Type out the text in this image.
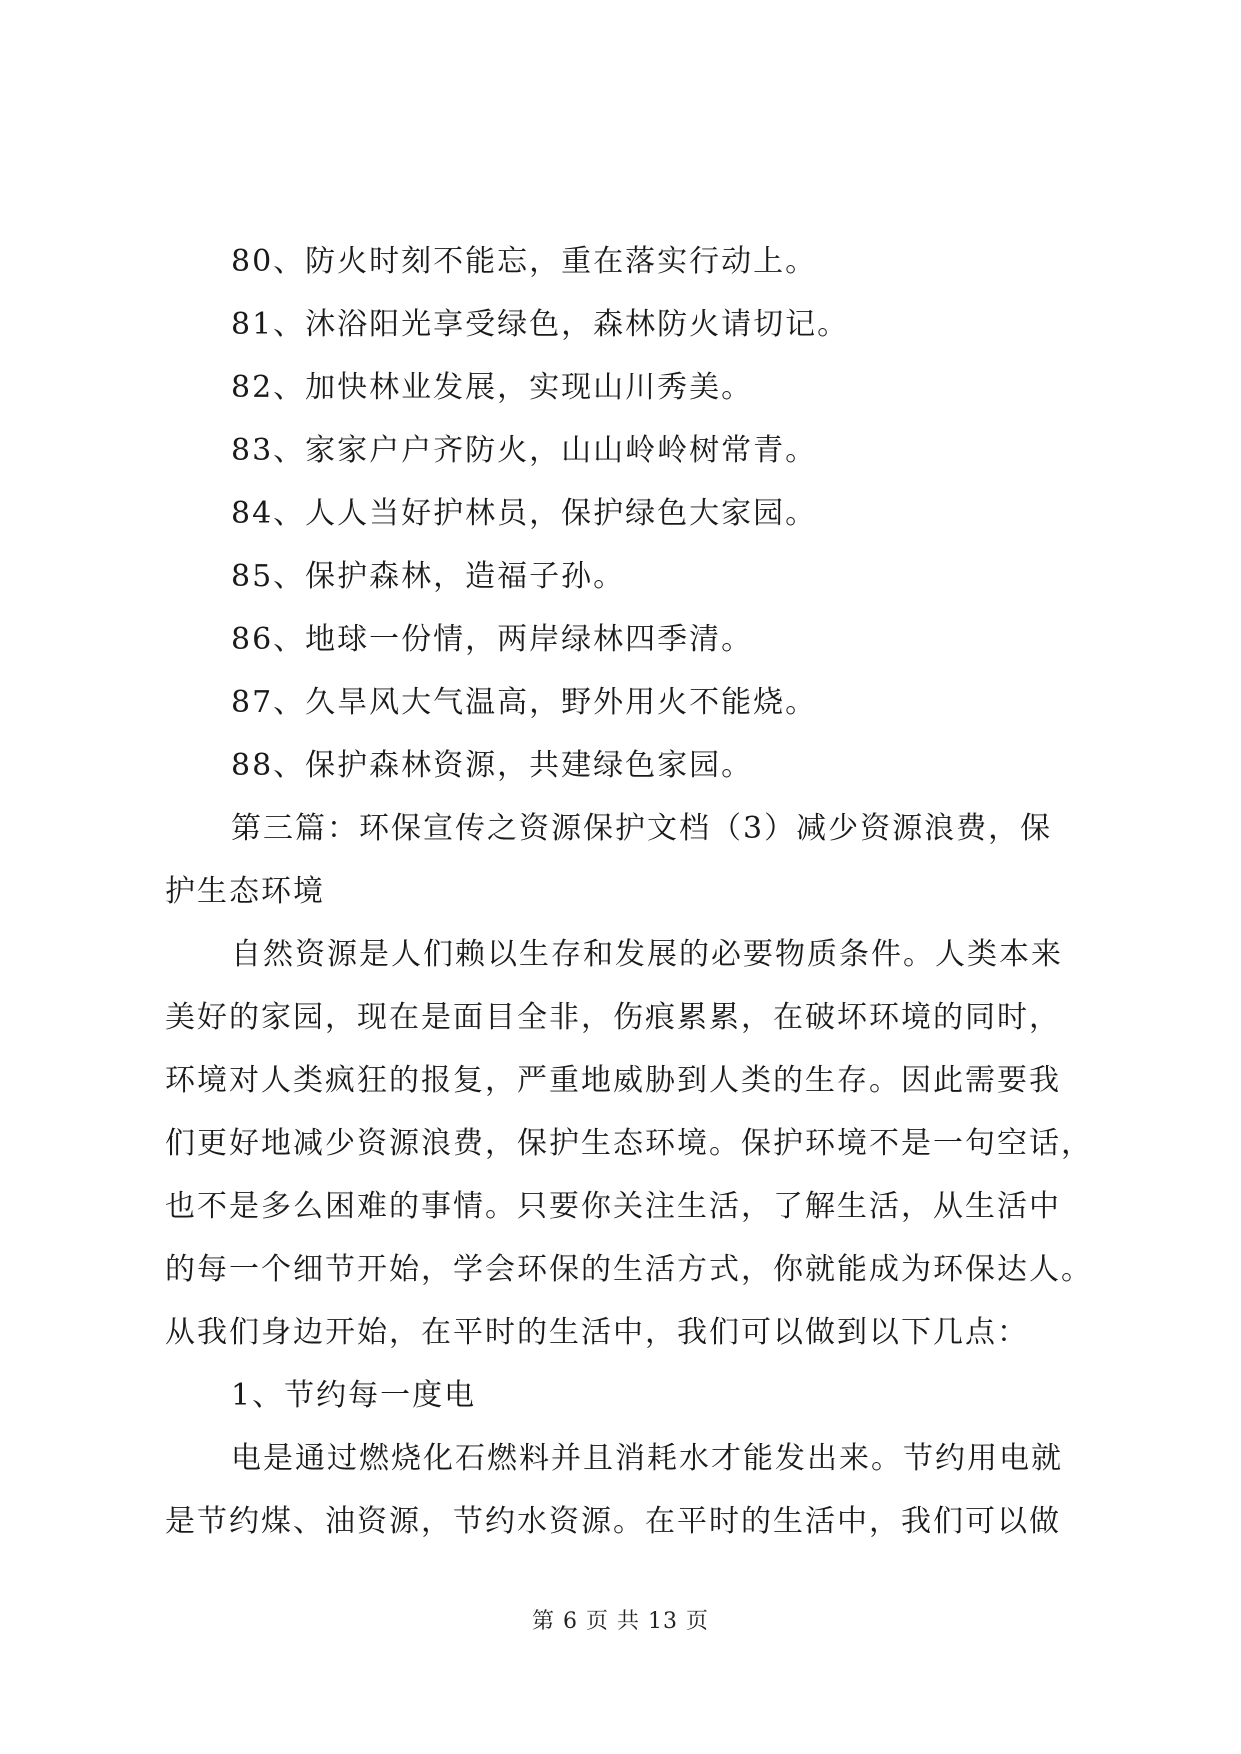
80、防火时刻不能忘，重在落实行动上。
81、沐浴阳光享受绿色，森林防火请切记。
82、加快林业发展，实现山川秀美。
83、家家户户齐防火，山山岭岭树常青。
84、人人当好护林员，保护绿色大家园。
85、保护森林，造福子孙。
86、地球一份情，两岸绿林四季清。
87、久旱风大气温高，野外用火不能烧。
88、保护森林资源，共建绿色家园。
第三篇：环保宣传之资源保护文档（3）减少资源浪费，保
护生态环境
自然资源是人们赖以生存和发展的必要物质条件。人类本来
美好的家园，现在是面目全非，伤痕累累，在破坏环境的同时，
环境对人类疯狂的报复，严重地威胁到人类的生存。因此需要我
们更好地减少资源浪费，保护生态环境。保护环境不是一句空话，
也不是多么困难的事情。只要你关注生活，了解生活，从生活中
的每一个细节开始，学会环保的生活方式，你就能成为环保达人。
从我们身边开始，在平时的生活中，我们可以做到以下几点：
1、节约每一度电
电是通过燃烧化石燃料并且消耗水才能发出来。节约用电就
是节约煤、油资源，节约水资源。在平时的生活中，我们可以做
第 6 页 共 13 页
